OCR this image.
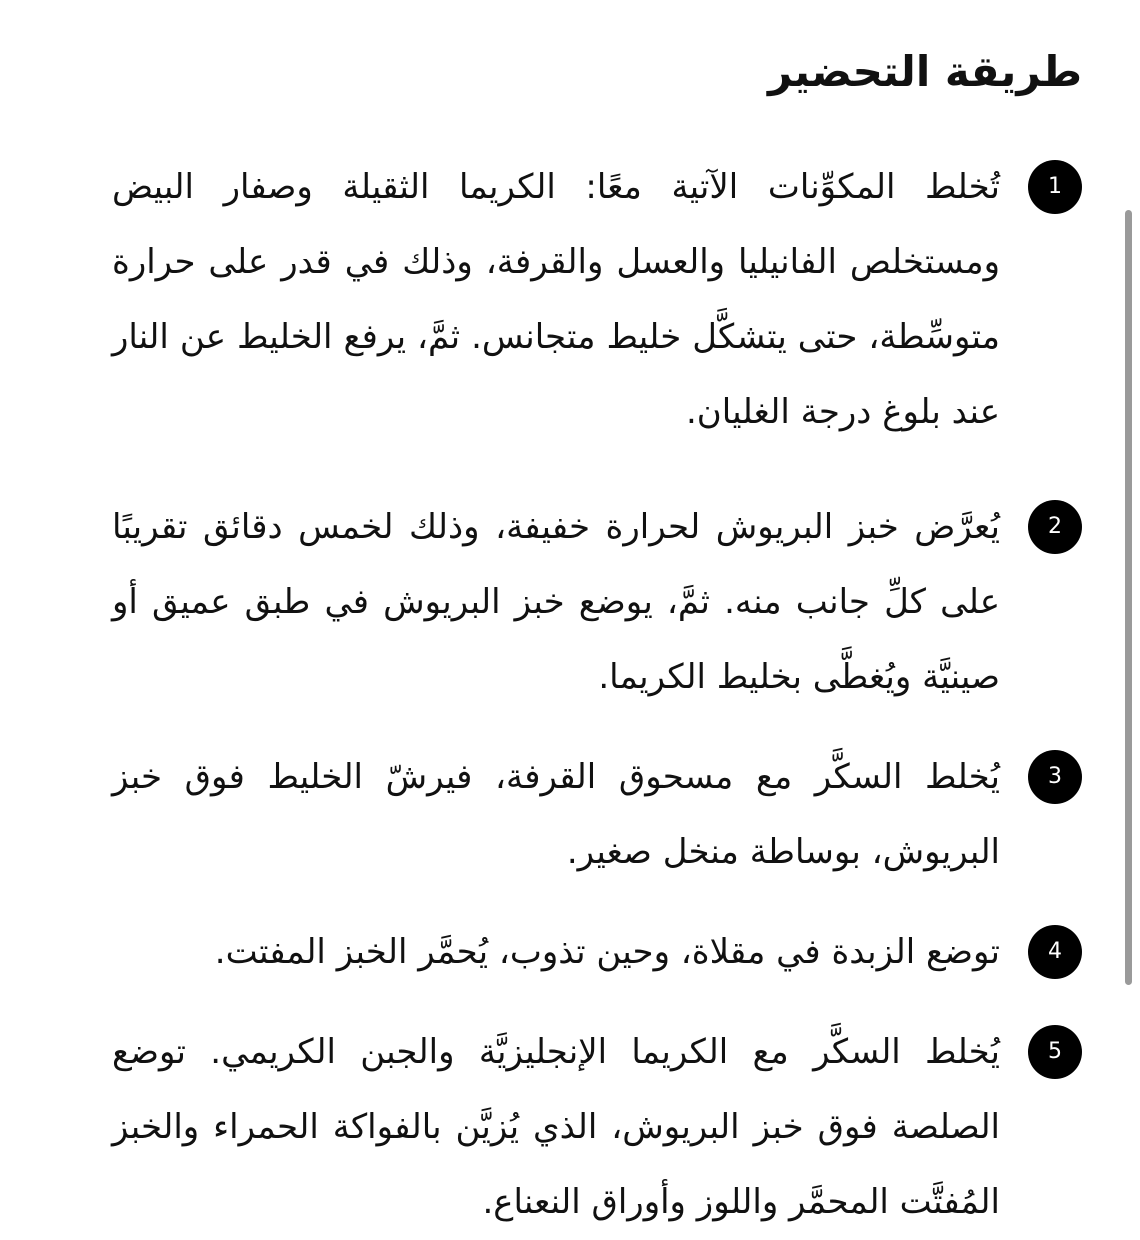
طريقة التحضير
1
تُخلط المكوِّنات الآتية معًا: الكريما الثقيلة وصفار البيض ومستخلص الفانيليا والعسل والقرفة، وذلك في قدر على حرارة متوسِّطة، حتى يتشكَّل خليط متجانس. ثمَّ، يرفع الخليط عن النار عند بلوغ درجة الغليان.
2
يُعرَّض خبز البريوش لحرارة خفيفة، وذلك لخمس دقائق تقريبًا على كلِّ جانب منه. ثمَّ، يوضع خبز البريوش في طبق عميق أو صينيَّة ويُغطَّى بخليط الكريما.
3
يُخلط السكَّر مع مسحوق القرفة، فيرشّ الخليط فوق خبز البريوش، بوساطة منخل صغير.
4
توضع الزبدة في مقلاة، وحين تذوب، يُحمَّر الخبز المفتت.
5
يُخلط السكَّر مع الكريما الإنجليزيَّة والجبن الكريمي. توضع الصلصة فوق خبز البريوش، الذي يُزيَّن بالفواكة الحمراء والخبز المُفتَّت المحمَّر واللوز وأوراق النعناع.
